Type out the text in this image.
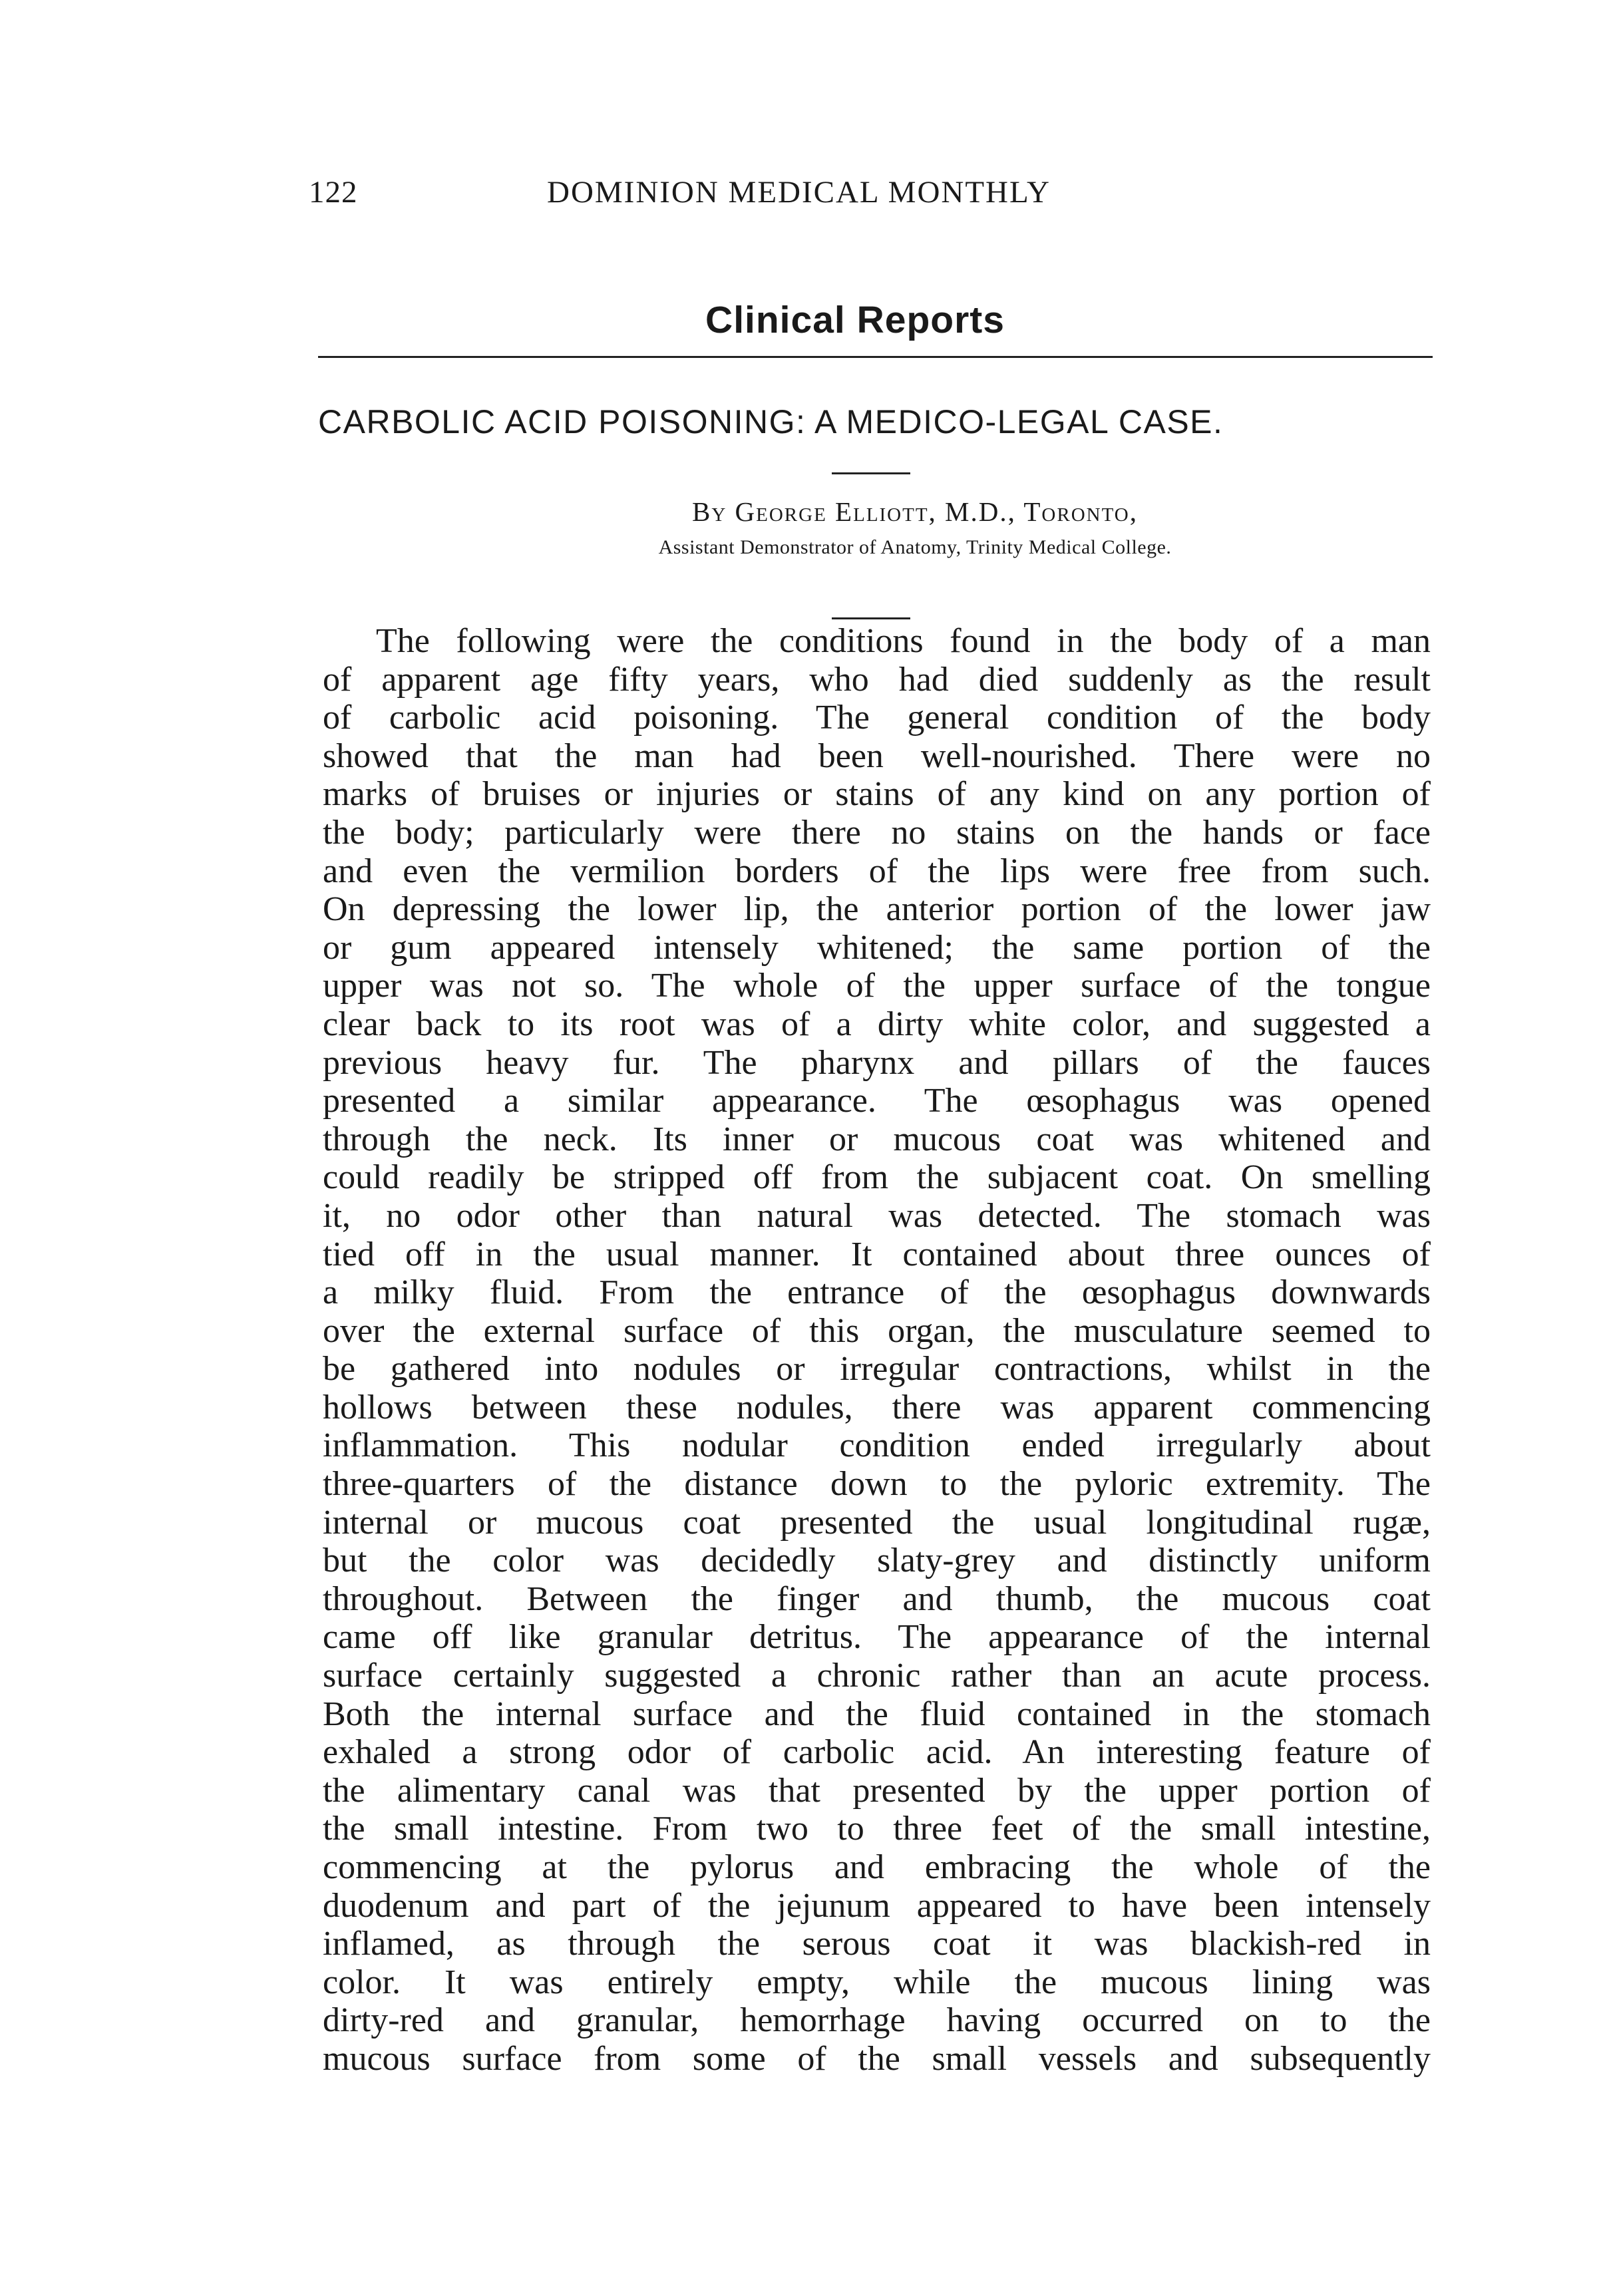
122	DOMINION MEDICAL MONTHLY
Clinical Reports
CARBOLIC ACID POISONING: A MEDICO-LEGAL CASE.
By George Elliott, M.D., Toronto,
Assistant Demonstrator of Anatomy, Trinity Medical College.
The following were the conditions found in the body of a man
of apparent age fifty years, who had died suddenly as the result
of carbolic acid poisoning. The general condition of the body
showed that the man had been well-nourished. There were no
marks of bruises or injuries or stains of any kind on any portion of
the body; particularly were there no stains on the hands or face
and even the vermilion borders of the lips were free from such.
On depressing the lower lip, the anterior portion of the lower jaw
or gum appeared intensely whitened; the same portion of the
upper was not so. The whole of the upper surface of the tongue
clear back to its root was of a dirty white color, and suggested a
previous heavy fur. The pharynx and pillars of the fauces
presented a similar appearance. The œsophagus was opened
through the neck. Its inner or mucous coat was whitened and
could readily be stripped off from the subjacent coat. On smelling
it, no odor other than natural was detected. The stomach was
tied off in the usual manner. It contained about three ounces of
a milky fluid. From the entrance of the œsophagus downwards
over the external surface of this organ, the musculature seemed to
be gathered into nodules or irregular contractions, whilst in the
hollows between these nodules, there was apparent commencing
inflammation. This nodular condition ended irregularly about
three-quarters of the distance down to the pyloric extremity. The
internal or mucous coat presented the usual longitudinal rugæ,
but the color was decidedly slaty-grey and distinctly uniform
throughout. Between the finger and thumb, the mucous coat
came off like granular detritus. The appearance of the internal
surface certainly suggested a chronic rather than an acute process.
Both the internal surface and the fluid contained in the stomach
exhaled a strong odor of carbolic acid. An interesting feature of
the alimentary canal was that presented by the upper portion of
the small intestine. From two to three feet of the small intestine,
commencing at the pylorus and embracing the whole of the
duodenum and part of the jejunum appeared to have been intensely
inflamed, as through the serous coat it was blackish-red in
color. It was entirely empty, while the mucous lining was
dirty-red and granular, hemorrhage having occurred on to the
mucous surface from some of the small vessels and subsequently
